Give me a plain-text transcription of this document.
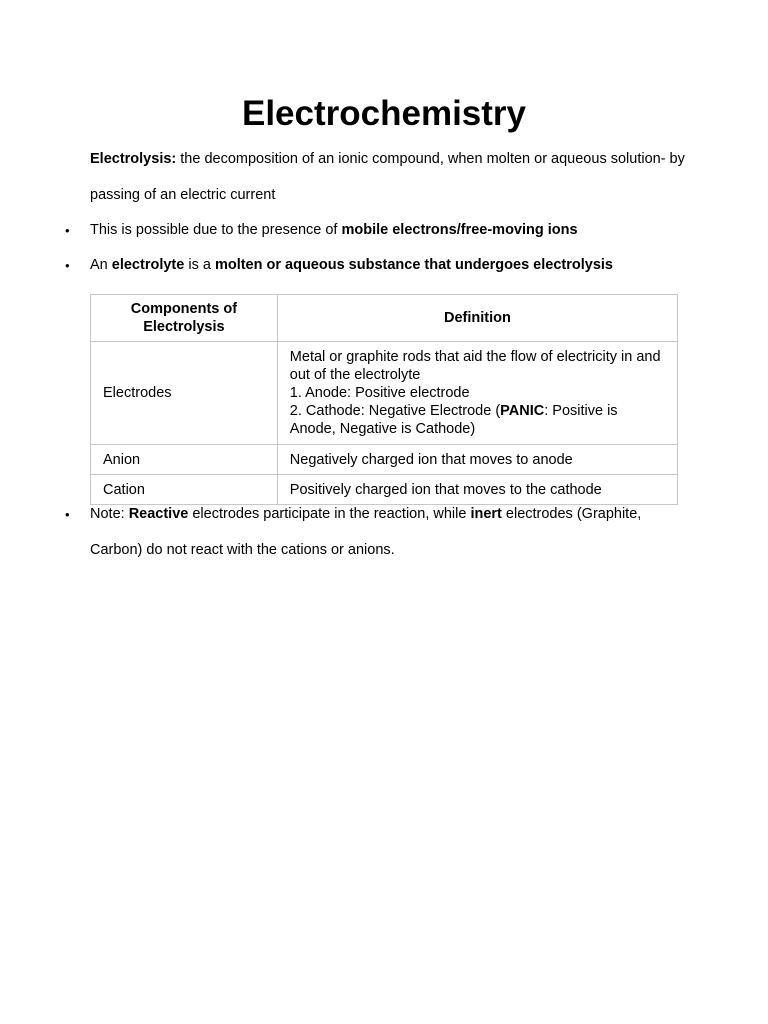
Electrochemistry

Electrolysis: the decomposition of an ionic compound, when molten or aqueous solution- by passing of an electric current

•	This is possible due to the presence of mobile electrons/free-moving ions
•	An electrolyte is a molten or aqueous substance that undergoes electrolysis
Components of Electrolysis	Definition
Electrodes	Metal or graphite rods that aid the flow of electricity in and out of the electrolyte
1. Anode: Positive electrode
2. Cathode: Negative Electrode (PANIC: Positive is Anode, Negative is Cathode)

Anion	Negatively charged ion that moves to anode
Cation	Positively charged ion that moves to the cathode
•	Note: Reactive electrodes participate in the reaction, while inert electrodes (Graphite, Carbon) do not react with the cations or anions.
